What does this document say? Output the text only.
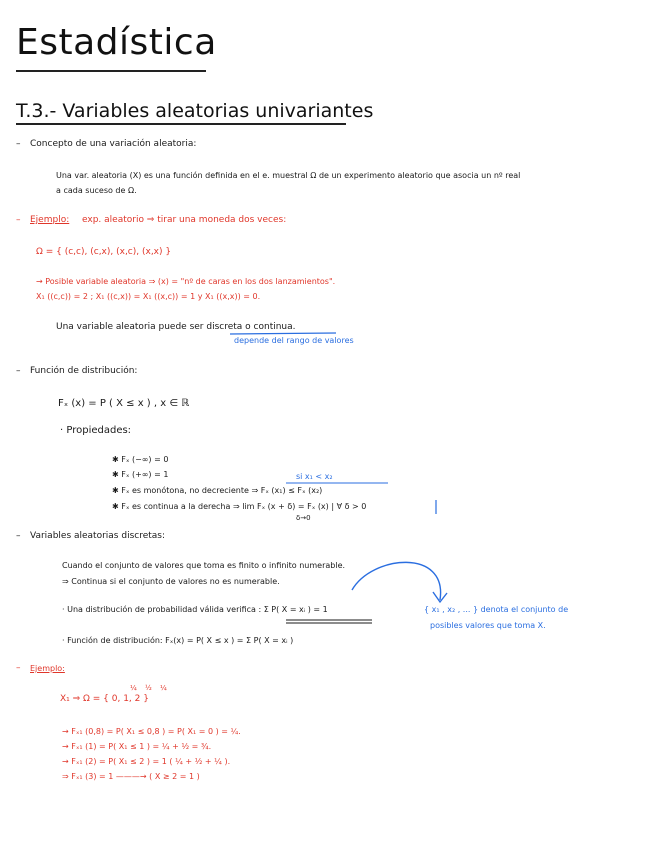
Estadística
T.3.- Variables aleatorias univariantes
– Concepto de una variación aleatoria:
Una var. aleatoria (X) es una función definida en el e. muestral Ω de un experimento aleatorio que asocia un nº real
a cada suceso de Ω.
– Ejemplo: exp. aleatorio ⇒ tirar una moneda dos veces:
Ω = { (c,c), (c,x), (x,c), (x,x) }
→ Posible variable aleatoria ⇒ (x) = "nº de caras en los dos lanzamientos".
X₁ ((c,c)) = 2 ; X₁ ((c,x)) = X₁ ((x,c)) = 1 y X₁ ((x,x)) = 0.
Una variable aleatoria puede ser discreta o continua.
depende del rango de valores
– Función de distribución:
Fₓ (x) = P ( X ≤ x ) , x ∈ ℝ
· Propiedades:
✱ Fₓ (−∞) = 0
✱ Fₓ (+∞) = 1	si x₁ < x₂
✱ Fₓ es monótona, no decreciente ⇒ Fₓ (x₁) ≤ Fₓ (x₂)
✱ Fₓ es continua a la derecha ⇒ lim Fₓ (x + δ) = Fₓ (x) | ∀ δ > 0
δ→0
– Variables aleatorias discretas:
Cuando el conjunto de valores que toma es finito o infinito numerable.
⇒ Continua si el conjunto de valores no es numerable.
· Una distribución de probabilidad válida verifica : Σ P( X = xᵢ ) = 1
· Función de distribución: Fₓ(x) = P( X ≤ x ) = Σ P( X = xᵢ )
{ x₁ , x₂ , ... } denota el conjunto de
posibles valores que toma X.
– Ejemplo:
¼ ½ ¼
X₁ ⇒ Ω = { 0, 1, 2 }
→ Fₓ₁ (0,8) = P( X₁ ≤ 0,8 ) = P( X₁ = 0 ) = ¼.
→ Fₓ₁ (1) = P( X₁ ≤ 1 ) = ¼ + ½ = ¾.
→ Fₓ₁ (2) = P( X₁ ≤ 2 ) = 1 ( ¼ + ½ + ¼ ).
⇒ Fₓ₁ (3) = 1 ———→ ( X ≥ 2 = 1 )
